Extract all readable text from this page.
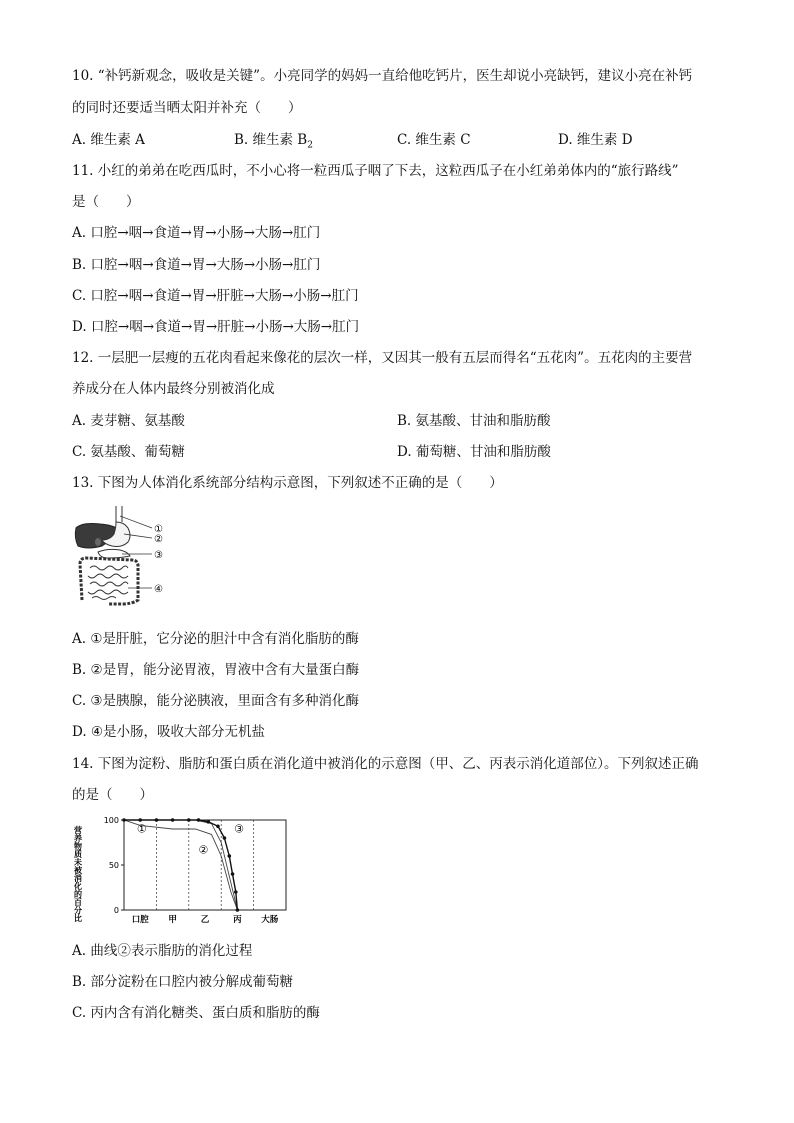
10. “补钙新观念，吸收是关键”。小亮同学的妈妈一直给他吃钙片，医生却说小亮缺钙，建议小亮在补钙
的同时还要适当晒太阳并补充（　　）
A. 维生素 A	B. 维生素 $B_2$	C. 维生素 C	D. 维生素 D
11. 小红的弟弟在吃西瓜时，不小心将一粒西瓜子咽了下去，这粒西瓜子在小红弟弟体内的“旅行路线”
是（　　）
A. 口腔→咽→食道→胃→小肠→大肠→肛门
B. 口腔→咽→食道→胃→大肠→小肠→肛门
C. 口腔→咽→食道→胃→肝脏→大肠→小肠→肛门
D. 口腔→咽→食道→胃→肝脏→小肠→大肠→肛门
12. 一层肥一层瘦的五花肉看起来像花的层次一样，又因其一般有五层而得名“五花肉”。五花肉的主要营
养成分在人体内最终分别被消化成
A. 麦芽糖、氨基酸	B. 氨基酸、甘油和脂肪酸
C. 氨基酸、葡萄糖	D. 葡萄糖、甘油和脂肪酸
13. 下图为人体消化系统部分结构示意图，下列叙述不正确的是（　　）
①
②
③
④
A. ①是肝脏，它分泌的胆汁中含有消化脂肪的酶
B. ②是胃，能分泌胃液，胃液中含有大量蛋白酶
C. ③是胰腺，能分泌胰液，里面含有多种消化酶
D. ④是小肠，吸收大部分无机盐
14. 下图为淀粉、脂肪和蛋白质在消化道中被消化的示意图（甲、乙、丙表示消化道部位）。下列叙述正确
的是（　　）
营养物质未被消化的百分比
100
50
0
口腔 甲	乙	丙 大肠
①
②
③
A. 曲线②表示脂肪的消化过程
B. 部分淀粉在口腔内被分解成葡萄糖
C. 丙内含有消化糖类、蛋白质和脂肪的酶
